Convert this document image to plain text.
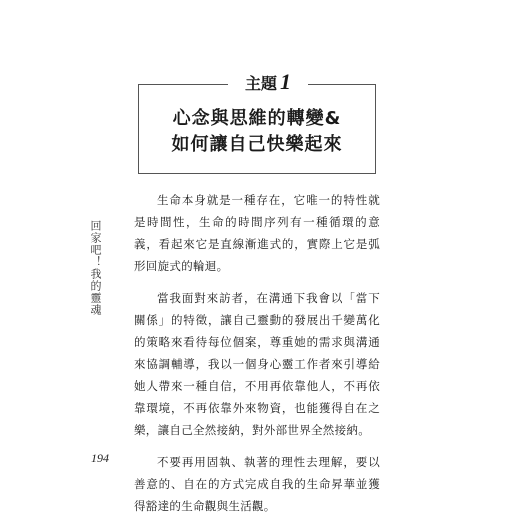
主題 1
心念與思維的轉變&
如何讓自己快樂起來

生命本身就是一種存在，它唯一的特性就是時間性，生命的時間序列有一種循環的意義，看起來它是直線漸進式的，實際上它是弧形回旋式的輪迴。

當我面對來訪者，在溝通下我會以「當下關係」的特徵，讓自己靈動的發展出千變萬化的策略來看待每位個案，尊重她的需求與溝通來協調輔導，我以一個身心靈工作者來引導給她人帶來一種自信，不用再依靠他人，不再依靠環境，不再依靠外來物資，也能獲得自在之樂，讓自己全然接納，對外部世界全然接納。

不要再用固執、執著的理性去理解，要以善意的、自在的方式完成自我的生命昇華並獲得豁達的生命觀與生活觀。

回家吧！我的靈魂
194
